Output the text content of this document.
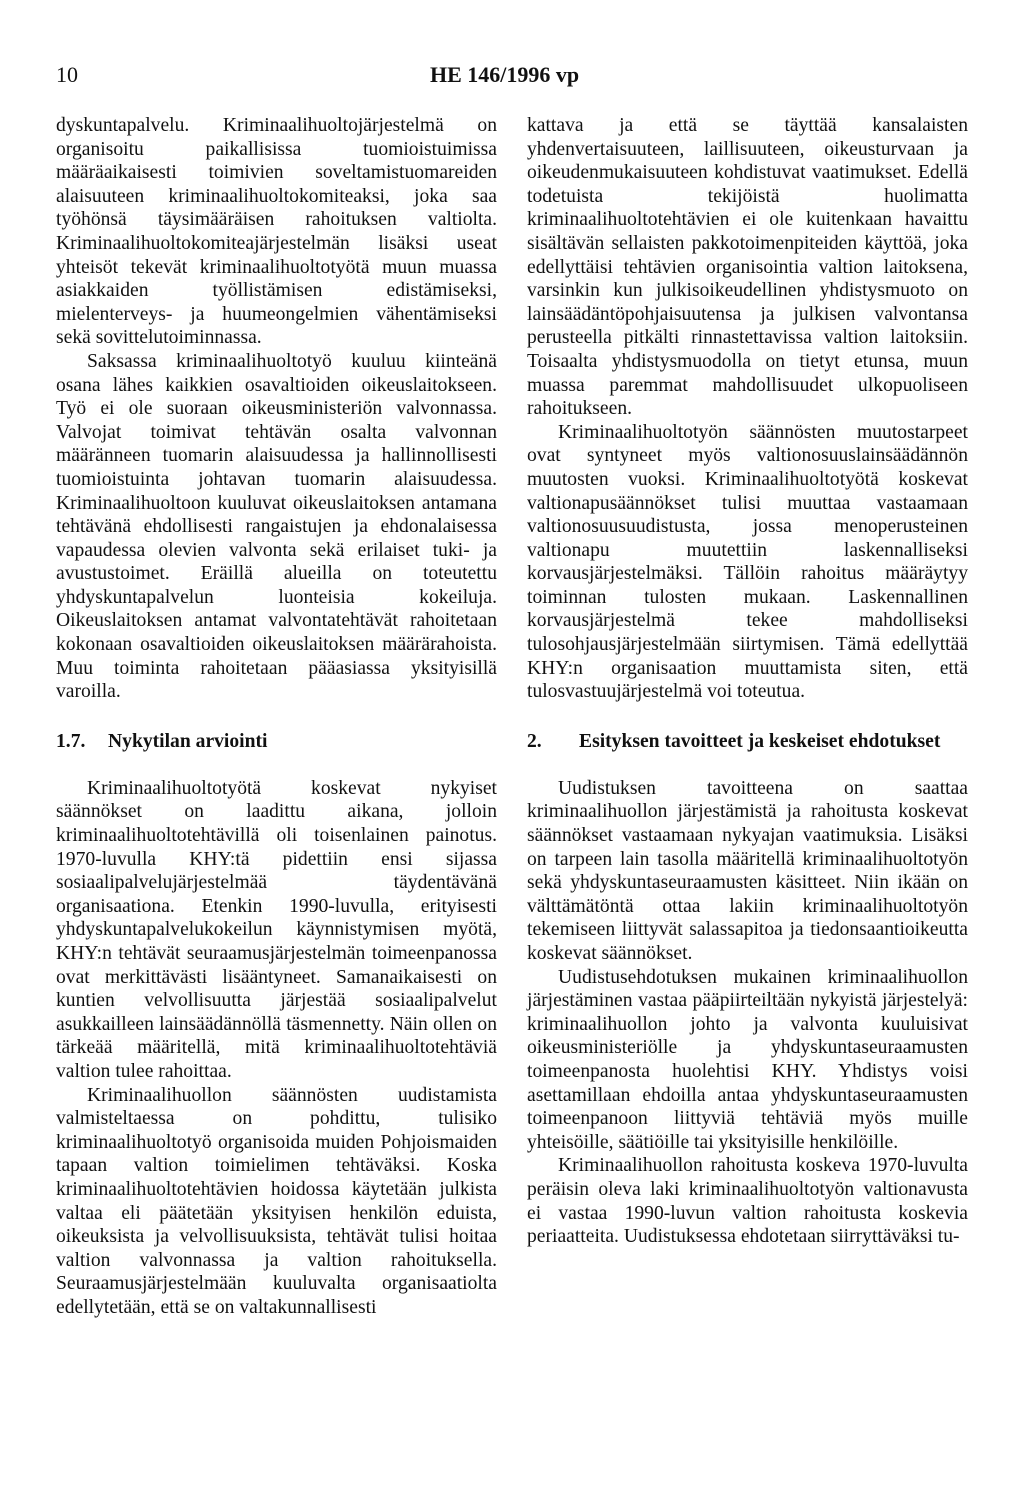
10	HE 146/1996 vp

dyskuntapalvelu. Kriminaalihuoltojärjestelmä on organisoitu paikallisissa tuomioistuimissa määräaikaisesti toimivien soveltamistuomareiden alaisuuteen kriminaalihuoltokomiteaksi, joka saa työhönsä täysimääräisen rahoituksen valtiolta. Kriminaalihuoltokomiteajärjestelmän lisäksi useat yhteisöt tekevät kriminaalihuoltotyötä muun muassa asiakkaiden työllistämisen edistämiseksi, mielenterveys- ja huumeongelmien vähentämiseksi sekä sovittelutoiminnassa.

Saksassa kriminaalihuoltotyö kuuluu kiinteänä osana lähes kaikkien osavaltioiden oikeuslaitokseen. Työ ei ole suoraan oikeusministeriön valvonnassa. Valvojat toimivat tehtävän osalta valvonnan määränneen tuomarin alaisuudessa ja hallinnollisesti tuomioistuinta johtavan tuomarin alaisuudessa. Kriminaalihuoltoon kuuluvat oikeuslaitoksen antamana tehtävänä ehdollisesti rangaistujen ja ehdonalaisessa vapaudessa olevien valvonta sekä erilaiset tuki- ja avustustoimet. Eräillä alueilla on toteutettu yhdyskuntapalvelun luonteisia kokeiluja. Oikeuslaitoksen antamat valvontatehtävät rahoitetaan kokonaan osavaltioiden oikeuslaitoksen määrärahoista. Muu toiminta rahoitetaan pääasiassa yksityisillä varoilla.

1.7.	Nykytilan arviointi

Kriminaalihuoltotyötä koskevat nykyiset säännökset on laadittu aikana, jolloin kriminaalihuoltotehtävillä oli toisenlainen painotus. 1970-luvulla KHY:tä pidettiin ensi sijassa sosiaalipalvelujärjestelmää täydentävänä organisaationa. Etenkin 1990-luvulla, erityisesti yhdyskuntapalvelukokeilun käynnistymisen myötä, KHY:n tehtävät seuraamusjärjestelmän toimeenpanossa ovat merkittävästi lisääntyneet. Samanaikaisesti on kuntien velvollisuutta järjestää sosiaalipalvelut asukkailleen lainsäädännöllä täsmennetty. Näin ollen on tärkeää määritellä, mitä kriminaalihuoltotehtäviä valtion tulee rahoittaa.

Kriminaalihuollon säännösten uudistamista valmisteltaessa on pohdittu, tulisiko kriminaalihuoltotyö organisoida muiden Pohjoismaiden tapaan valtion toimielimen tehtäväksi. Koska kriminaalihuoltotehtävien hoidossa käytetään julkista valtaa eli päätetään yksityisen henkilön eduista, oikeuksista ja velvollisuuksista, tehtävät tulisi hoitaa valtion valvonnassa ja valtion rahoituksella. Seuraamusjärjestelmään kuuluvalta organisaatiolta edellytetään, että se on valtakunnallisesti

kattava ja että se täyttää kansalaisten yhdenvertaisuuteen, laillisuuteen, oikeusturvaan ja oikeudenmukaisuuteen kohdistuvat vaatimukset. Edellä todetuista tekijöistä huolimatta kriminaalihuoltotehtävien ei ole kuitenkaan havaittu sisältävän sellaisten pakkotoimenpiteiden käyttöä, joka edellyttäisi tehtävien organisointia valtion laitoksena, varsinkin kun julkisoikeudellinen yhdistysmuoto on lainsäädäntöpohjaisuutensa ja julkisen valvontansa perusteella pitkälti rinnastettavissa valtion laitoksiin. Toisaalta yhdistysmuodolla on tietyt etunsa, muun muassa paremmat mahdollisuudet ulkopuoliseen rahoitukseen.

Kriminaalihuoltotyön säännösten muutostarpeet ovat syntyneet myös valtionosuuslainsäädännön muutosten vuoksi. Kriminaalihuoltotyötä koskevat valtionapusäännökset tulisi muuttaa vastaamaan valtionosuusuudistusta, jossa menoperusteinen valtionapu muutettiin laskennalliseksi korvausjärjestelmäksi. Tällöin rahoitus määräytyy toiminnan tulosten mukaan. Laskennallinen korvausjärjestelmä tekee mahdolliseksi tulosohjausjärjestelmään siirtymisen. Tämä edellyttää KHY:n organisaation muuttamista siten, että tulosvastuujärjestelmä voi toteutua.

2.	Esityksen tavoitteet ja keskeiset ehdotukset

Uudistuksen tavoitteena on saattaa kriminaalihuollon järjestämistä ja rahoitusta koskevat säännökset vastaamaan nykyajan vaatimuksia. Lisäksi on tarpeen lain tasolla määritellä kriminaalihuoltotyön sekä yhdyskuntaseuraamusten käsitteet. Niin ikään on välttämätöntä ottaa lakiin kriminaalihuoltotyön tekemiseen liittyvät salassapitoa ja tiedonsaantioikeutta koskevat säännökset.

Uudistusehdotuksen mukainen kriminaalihuollon järjestäminen vastaa pääpiirteiltään nykyistä järjestelyä: kriminaalihuollon johto ja valvonta kuuluisivat oikeusministeriölle ja yhdyskuntaseuraamusten toimeenpanosta huolehtisi KHY. Yhdistys voisi asettamillaan ehdoilla antaa yhdyskuntaseuraamusten toimeenpanoon liittyviä tehtäviä myös muille yhteisöille, säätiöille tai yksityisille henkilöille.

Kriminaalihuollon rahoitusta koskeva 1970-luvulta peräisin oleva laki kriminaalihuoltotyön valtionavusta ei vastaa 1990-luvun valtion rahoitusta koskevia periaatteita. Uudistuksessa ehdotetaan siirryttäväksi tu-
